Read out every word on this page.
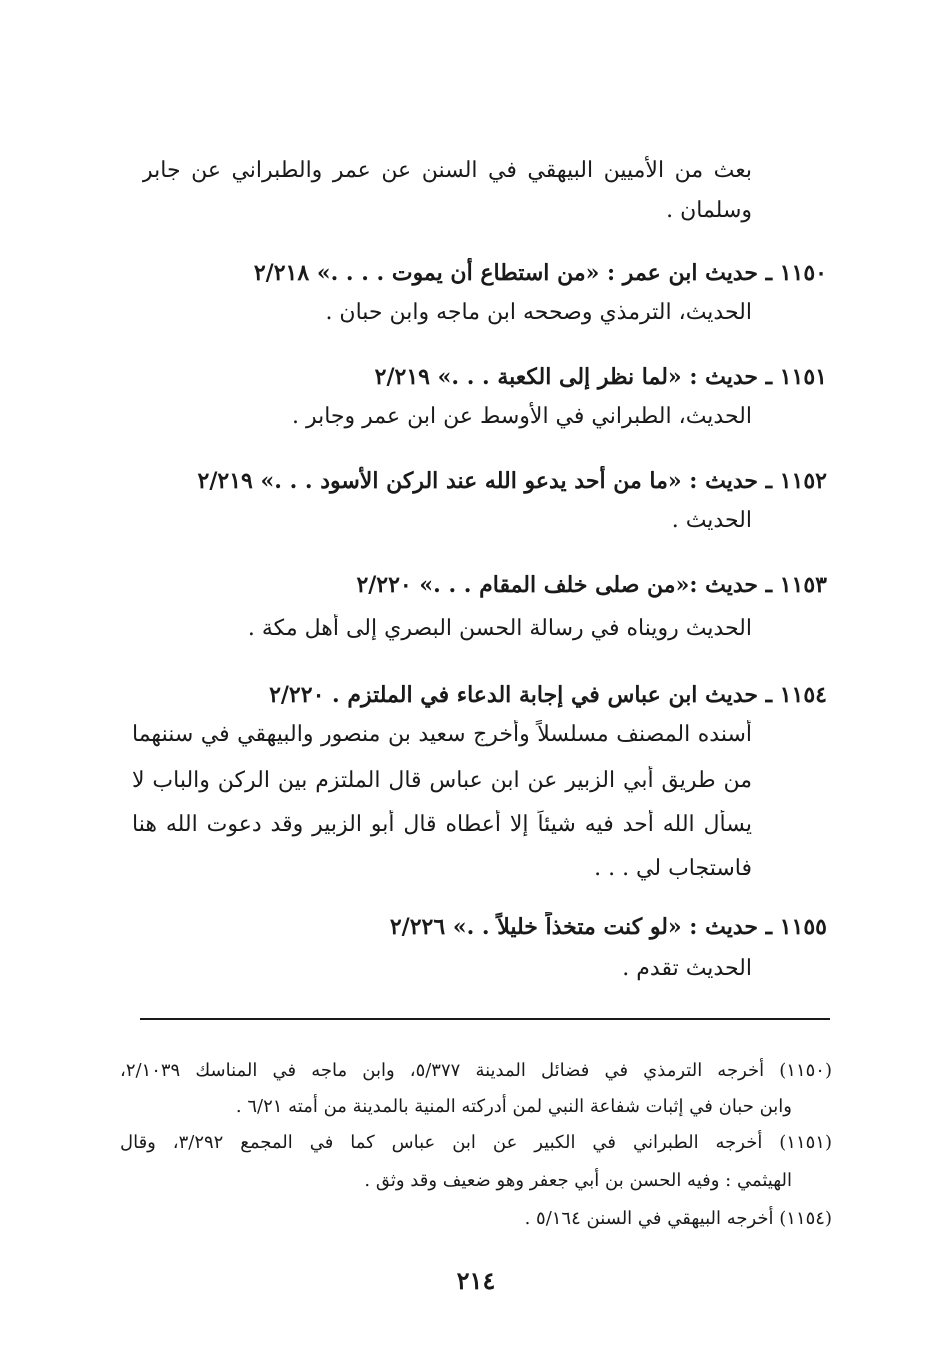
بعث من الأميين البيهقي في السنن عن عمر والطبراني عن جابر
وسلمان .
١١٥٠ ـ حديث ابن عمر : «من استطاع أن يموت . . . .» ٢/٢١٨
الحديث، الترمذي وصححه ابن ماجه وابن حبان .
١١٥١ ـ حديث : «لما نظر إلى الكعبة . . .» ٢/٢١٩
الحديث، الطبراني في الأوسط عن ابن عمر وجابر .
١١٥٢ ـ حديث : «ما من أحد يدعو الله عند الركن الأسود . . .» ٢/٢١٩
الحديث .
١١٥٣ ـ حديث :«من صلى خلف المقام . . .» ٢/٢٢٠
الحديث رويناه في رسالة الحسن البصري إلى أهل مكة .
١١٥٤ ـ حديث ابن عباس في إجابة الدعاء في الملتزم . ٢/٢٢٠
أسنده المصنف مسلسلاً وأخرج سعيد بن منصور والبيهقي في سننهما
من طريق أبي الزبير عن ابن عباس قال الملتزم بين الركن والباب لا
يسأل الله أحد فيه شيئاً إلا أعطاه قال أبو الزبير وقد دعوت الله هنا
فاستجاب لي . . .
١١٥٥ ـ حديث : «لو كنت متخذاً خليلاً . .» ٢/٢٢٦
الحديث تقدم .
(١١٥٠) أخرجه الترمذي في فضائل المدينة ٥/٣٧٧، وابن ماجه في المناسك ٢/١٠٣٩،
وابن حبان في إثبات شفاعة النبي لمن أدركته المنية بالمدينة من أمته ٦/٢١ .
(١١٥١) أخرجه الطبراني في الكبير عن ابن عباس كما في المجمع ٣/٢٩٢، وقال
الهيثمي : وفيه الحسن بن أبي جعفر وهو ضعيف وقد وثق .
(١١٥٤) أخرجه البيهقي في السنن ٥/١٦٤ .
٢١٤
